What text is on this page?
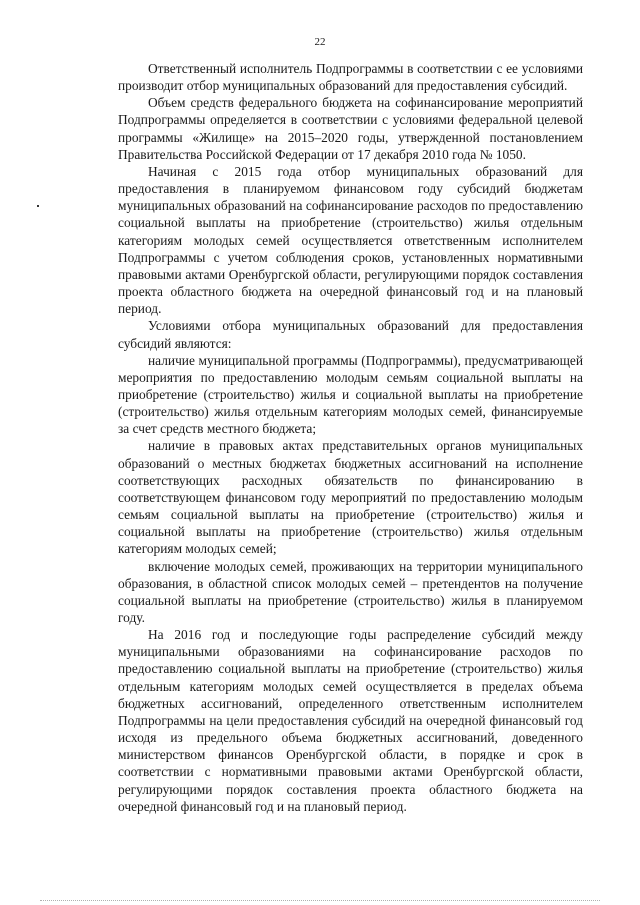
22

Ответственный исполнитель Подпрограммы в соответствии с ее условиями производит отбор муниципальных образований для предоставления субсидий.

Объем средств федерального бюджета на софинансирование мероприятий Подпрограммы определяется в соответствии с условиями федеральной целевой программы «Жилище» на 2015–2020 годы, утвержденной постановлением Правительства Российской Федерации от 17 декабря 2010 года № 1050.

Начиная с 2015 года отбор муниципальных образований для предоставления в планируемом финансовом году субсидий бюджетам муниципальных образований на софинансирование расходов по предоставлению социальной выплаты на приобретение (строительство) жилья отдельным категориям молодых семей осуществляется ответственным исполнителем Подпрограммы с учетом соблюдения сроков, установленных нормативными правовыми актами Оренбургской области, регулирующими порядок составления проекта областного бюджета на очередной финансовый год и на плановый период.

Условиями отбора муниципальных образований для предоставления субсидий являются:

наличие муниципальной программы (Подпрограммы), предусматривающей мероприятия по предоставлению молодым семьям социальной выплаты на приобретение (строительство) жилья и социальной выплаты на приобретение (строительство) жилья отдельным категориям молодых семей, финансируемые за счет средств местного бюджета;

наличие в правовых актах представительных органов муниципальных образований о местных бюджетах бюджетных ассигнований на исполнение соответствующих расходных обязательств по финансированию в соответствующем финансовом году мероприятий по предоставлению молодым семьям социальной выплаты на приобретение (строительство) жилья и социальной выплаты на приобретение (строительство) жилья отдельным категориям молодых семей;

включение молодых семей, проживающих на территории муниципального образования, в областной список молодых семей – претендентов на получение социальной выплаты на приобретение (строительство) жилья в планируемом году.

На 2016 год и последующие годы распределение субсидий между муниципальными образованиями на софинансирование расходов по предоставлению социальной выплаты на приобретение (строительство) жилья отдельным категориям молодых семей осуществляется в пределах объема бюджетных ассигнований, определенного ответственным исполнителем Подпрограммы на цели предоставления субсидий на очередной финансовый год исходя из предельного объема бюджетных ассигнований, доведенного министерством финансов Оренбургской области, в порядке и срок в соответствии с нормативными правовыми актами Оренбургской области, регулирующими порядок составления проекта областного бюджета на очередной финансовый год и на плановый период.
